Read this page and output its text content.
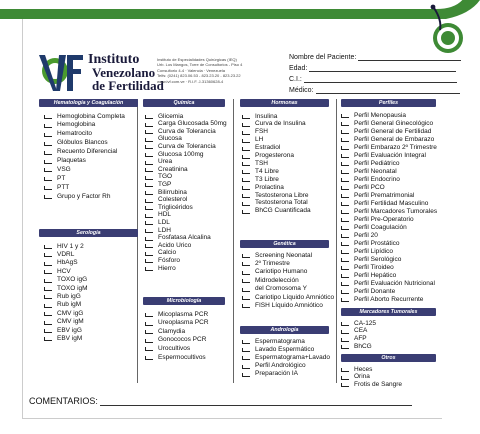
Instituto
Venezolano
de Fertilidad
Instituto de Especialidades Quirúrgicas (IEQ)
Urb. Los Mangos, Torre de Consultorios - Piso 4
Consultorio 4-4 · Valencia · Venezuela
Telfs: (0241) 823.06.53 - 823.23.20 - 823.23.22
www.ivf.com.ve · R.I.F. J-31360628-4
Nombre del Paciente:
Edad:
C.I.:
Médico:
Hematología y Coagulación
Hemoglobina Completa
Hemoglobina
Hematrocito
Glóbulos Blancos
Recuento Diferencial
Plaquetas
VSG
PT
PTT
Grupo y Factor Rh
Serología
HIV 1 y 2
VDRL
HbAgS
HCV
TOXO igG
TOXO igM
Rub igG
Rub igM
CMV igG
CMV igM
EBV igG
EBV igM
Química
Glicemia
Carga Glucosada 50mg
Curva de Tolerancia
Glucosa
Curva de Tolerancia
Glucosa 100mg
Urea
Creatinina
TGO
TGP
Bilirrubina
Colesterol
Triglicéridos
HDL
LDL
LDH
Fosfatasa Alcalina
Acido Urico
Calcio
Fósforo
Hierro
Microbiología
Micoplasma PCR
Ureoplasma PCR
Clamydia
Gonococos PCR
Urocultivos
Espermocultivos
Hormonas
Insulina
Curva de Insulina
FSH
LH
Estradiol
Progesterona
TSH
T4 Libre
T3 Libre
Prolactina
Testosterona Libre
Testosterona Total
BhCG Cuantificada
Genética
Screening Neonatal
2º Trimestre
Cariotipo Humano
Midrodelección
del Cromosoma Y
Cariotipo Líquido Amniótico
FISH Líquido Amniótico
Andrología
Espermatograma
Lavado Espermático
Espermatograma+Lavado
Perfil Andrológico
Preparación IA
Perfiles
Perfil Menopausia
Perfil General Ginecológico
Perfil General de Fertilidad
Perfil General de Embarazo
Perfil Embarazo 2º Trimestre
Perfil Evaluación Integral
Perfil Pediátrico
Perfil Neonatal
Perfil Endocrino
Perfil PCO
Perfil Prematrimonial
Perfil Fertilidad Masculino
Perfil Marcadores Tumorales
Perfil Pre-Operatorio
Perfil Coagulación
Perfil 20
Perfil Prostático
Perfil Lipídico
Perfil Serológico
Perfil Tiroideo
Perfil Hepático
Perfil Evaluación Nutricional
Perfil Donante
Perfil Aborto Recurrente
Marcadores Tumorales
CA-125
CEA
AFP
BhCG
Otros
Heces
Orina
Frotis de Sangre
COMENTARIOS:
